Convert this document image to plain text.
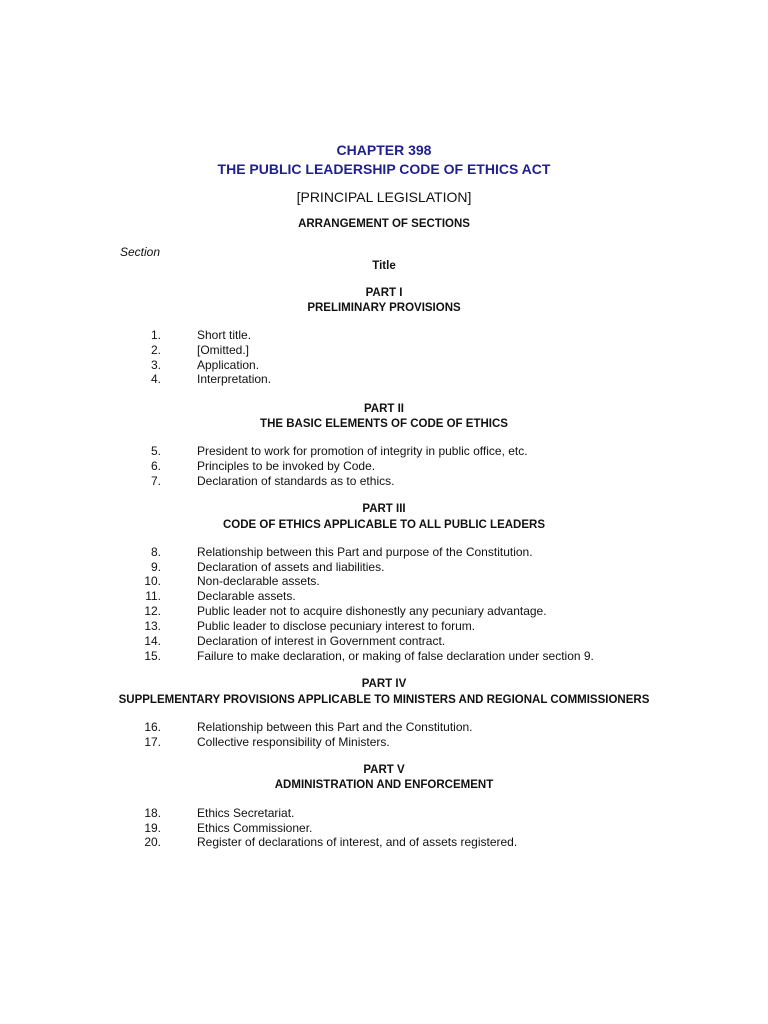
CHAPTER 398
THE PUBLIC LEADERSHIP CODE OF ETHICS ACT
[PRINCIPAL LEGISLATION]
ARRANGEMENT OF SECTIONS
Section
Title
PART I
PRELIMINARY PROVISIONS
1.	Short title.
2.	[Omitted.]
3.	Application.
4.	Interpretation.
PART II
THE BASIC ELEMENTS OF CODE OF ETHICS
5.	President to work for promotion of integrity in public office, etc.
6.	Principles to be invoked by Code.
7.	Declaration of standards as to ethics.
PART III
CODE OF ETHICS APPLICABLE TO ALL PUBLIC LEADERS
8.	Relationship between this Part and purpose of the Constitution.
9.	Declaration of assets and liabilities.
10.	Non-declarable assets.
11.	Declarable assets.
12.	Public leader not to acquire dishonestly any pecuniary advantage.
13.	Public leader to disclose pecuniary interest to forum.
14.	Declaration of interest in Government contract.
15.	Failure to make declaration, or making of false declaration under section 9.
PART IV
SUPPLEMENTARY PROVISIONS APPLICABLE TO MINISTERS AND REGIONAL COMMISSIONERS
16.	Relationship between this Part and the Constitution.
17.	Collective responsibility of Ministers.
PART V
ADMINISTRATION AND ENFORCEMENT
18.	Ethics Secretariat.
19.	Ethics Commissioner.
20.	Register of declarations of interest, and of assets registered.
